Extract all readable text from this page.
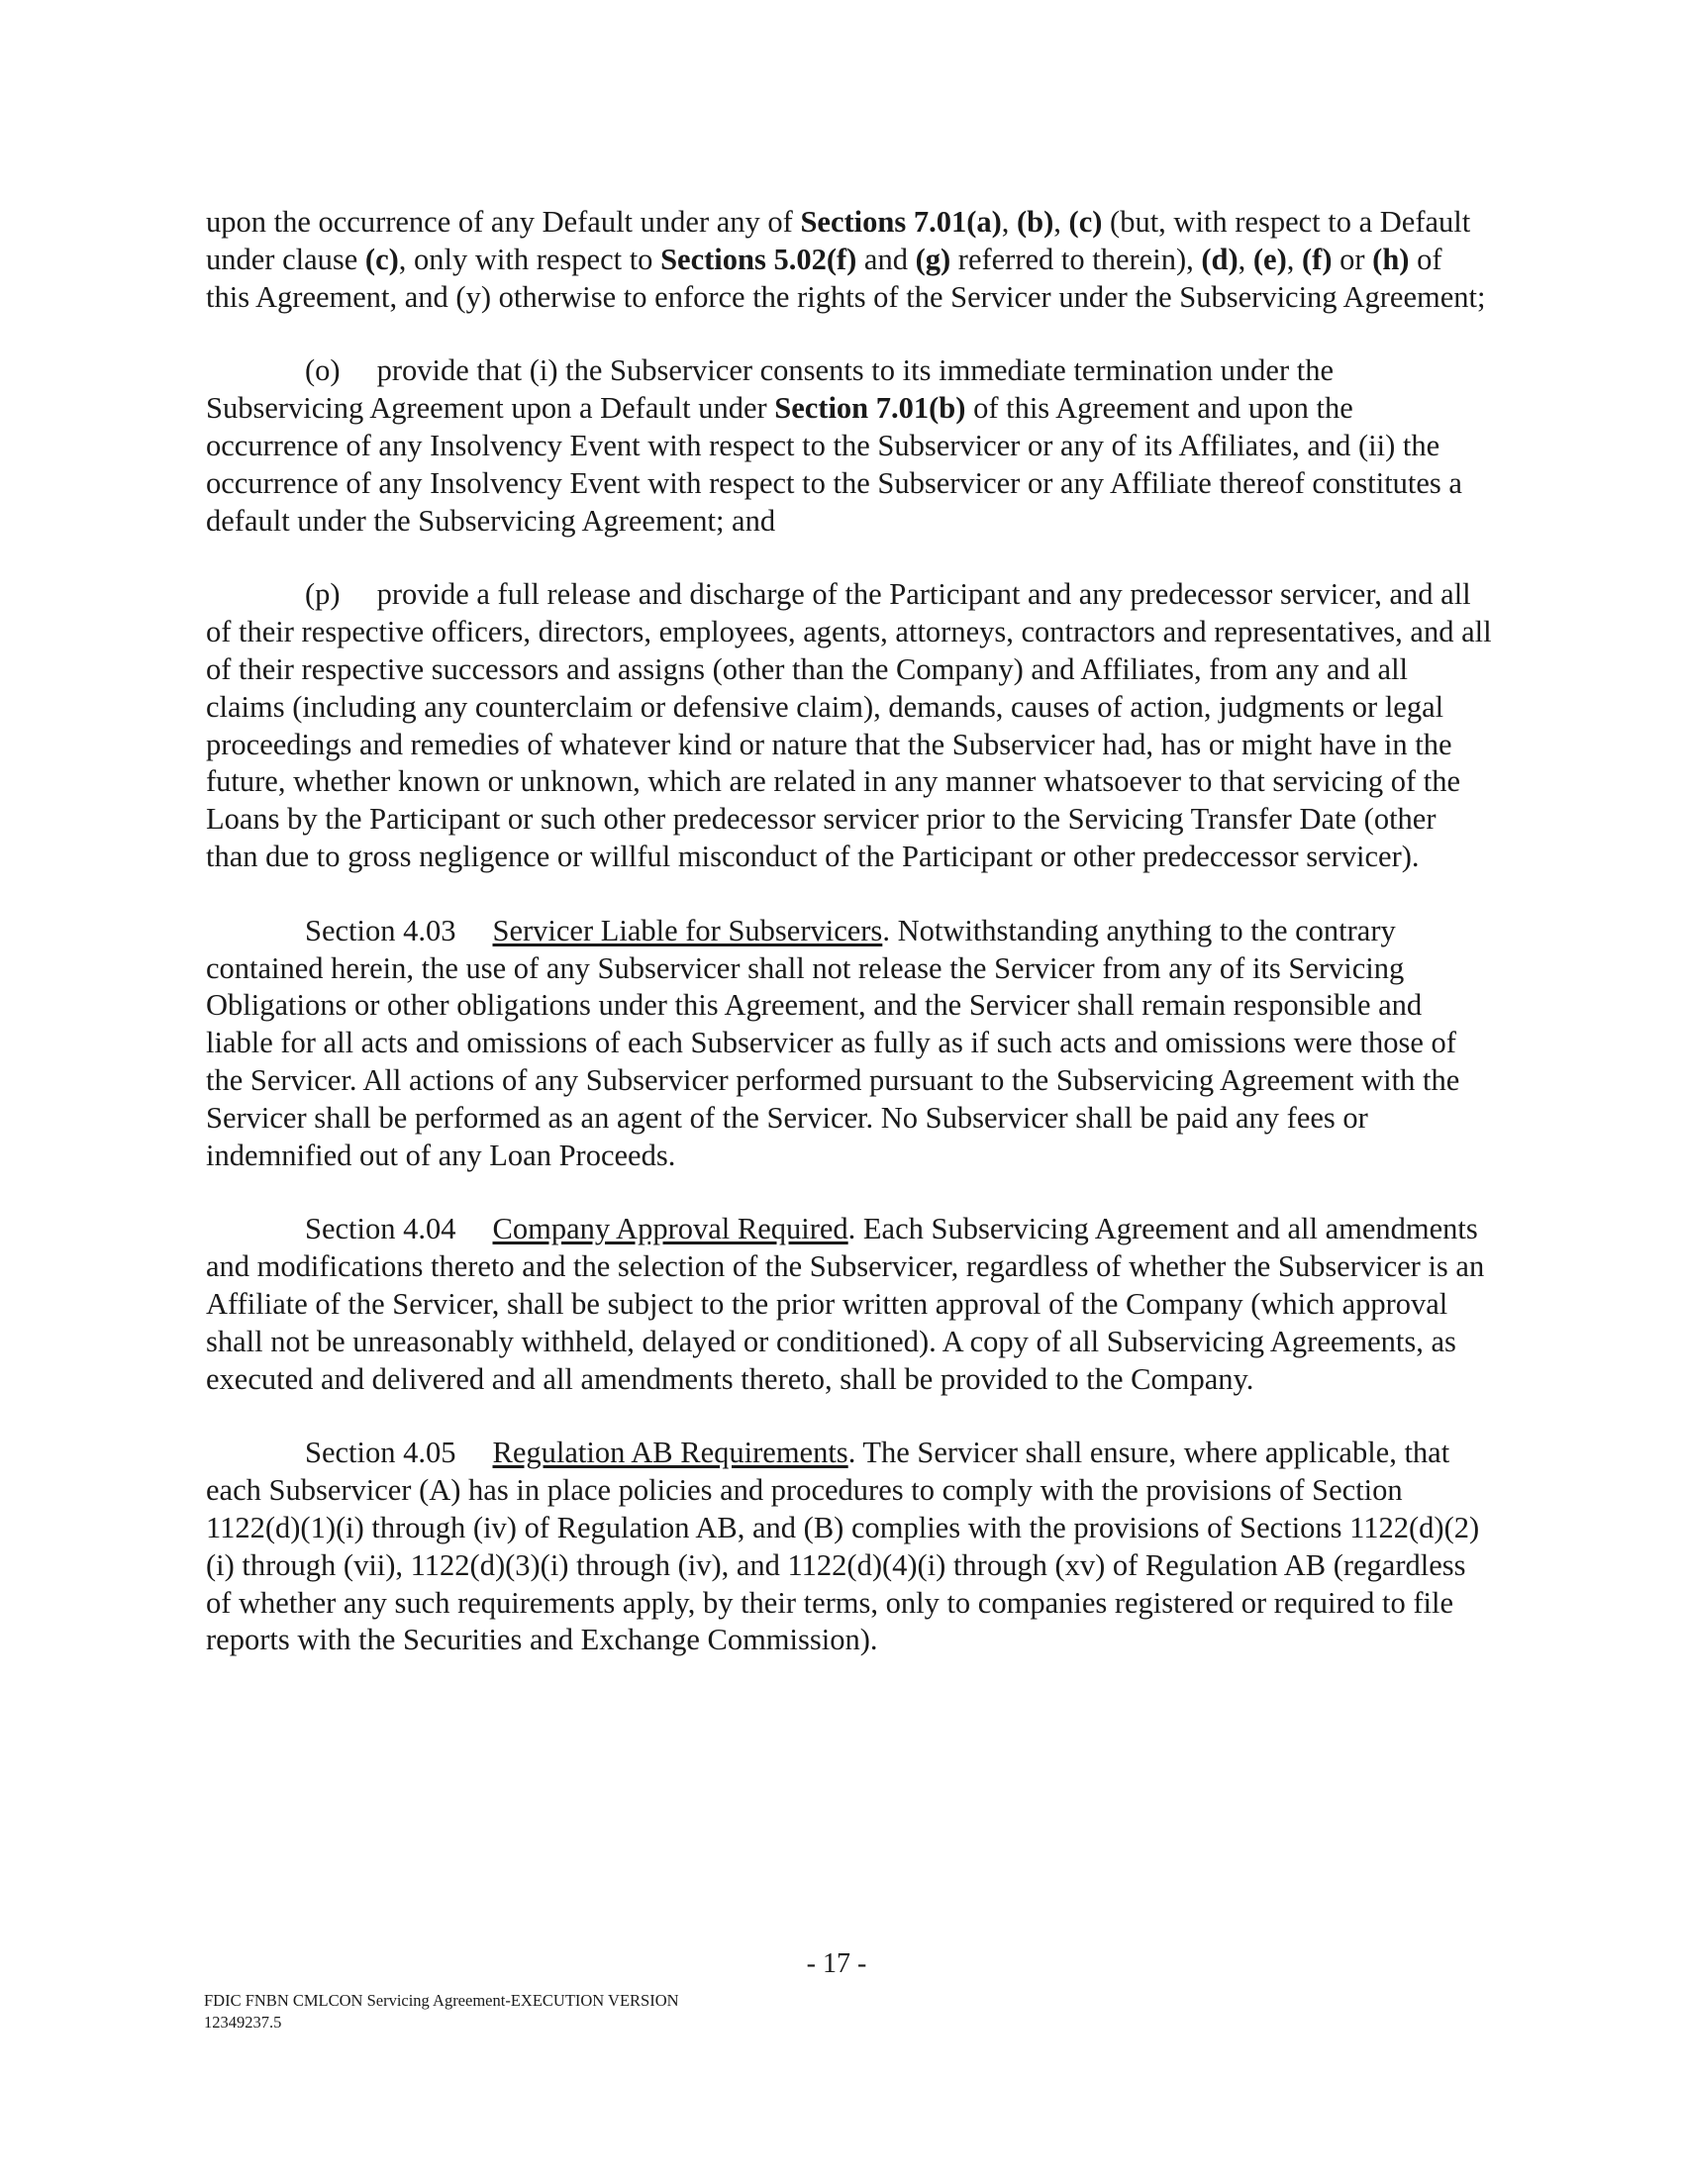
upon the occurrence of any Default under any of Sections 7.01(a), (b), (c) (but, with respect to a Default under clause (c), only with respect to Sections 5.02(f) and (g) referred to therein), (d), (e), (f) or (h) of this Agreement, and (y) otherwise to enforce the rights of the Servicer under the Subservicing Agreement;

(o) provide that (i) the Subservicer consents to its immediate termination under the Subservicing Agreement upon a Default under Section 7.01(b) of this Agreement and upon the occurrence of any Insolvency Event with respect to the Subservicer or any of its Affiliates, and (ii) the occurrence of any Insolvency Event with respect to the Subservicer or any Affiliate thereof constitutes a default under the Subservicing Agreement; and

(p) provide a full release and discharge of the Participant and any predecessor servicer, and all of their respective officers, directors, employees, agents, attorneys, contractors and representatives, and all of their respective successors and assigns (other than the Company) and Affiliates, from any and all claims (including any counterclaim or defensive claim), demands, causes of action, judgments or legal proceedings and remedies of whatever kind or nature that the Subservicer had, has or might have in the future, whether known or unknown, which are related in any manner whatsoever to that servicing of the Loans by the Participant or such other predecessor servicer prior to the Servicing Transfer Date (other than due to gross negligence or willful misconduct of the Participant or other predeccessor servicer).

Section 4.03 Servicer Liable for Subservicers. Notwithstanding anything to the contrary contained herein, the use of any Subservicer shall not release the Servicer from any of its Servicing Obligations or other obligations under this Agreement, and the Servicer shall remain responsible and liable for all acts and omissions of each Subservicer as fully as if such acts and omissions were those of the Servicer. All actions of any Subservicer performed pursuant to the Subservicing Agreement with the Servicer shall be performed as an agent of the Servicer. No Subservicer shall be paid any fees or indemnified out of any Loan Proceeds.

Section 4.04 Company Approval Required. Each Subservicing Agreement and all amendments and modifications thereto and the selection of the Subservicer, regardless of whether the Subservicer is an Affiliate of the Servicer, shall be subject to the prior written approval of the Company (which approval shall not be unreasonably withheld, delayed or conditioned). A copy of all Subservicing Agreements, as executed and delivered and all amendments thereto, shall be provided to the Company.

Section 4.05 Regulation AB Requirements. The Servicer shall ensure, where applicable, that each Subservicer (A) has in place policies and procedures to comply with the provisions of Section 1122(d)(1)(i) through (iv) of Regulation AB, and (B) complies with the provisions of Sections 1122(d)(2)(i) through (vii), 1122(d)(3)(i) through (iv), and 1122(d)(4)(i) through (xv) of Regulation AB (regardless of whether any such requirements apply, by their terms, only to companies registered or required to file reports with the Securities and Exchange Commission).

- 17 -
FDIC FNBN CMLCON Servicing Agreement-EXECUTION VERSION
12349237.5
